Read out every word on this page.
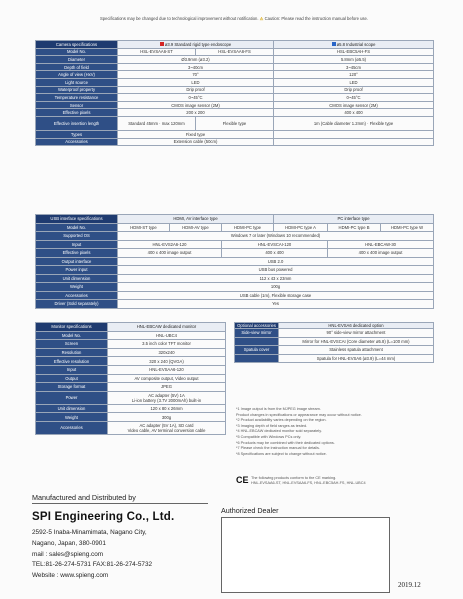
Specifications may be changed due to technological improvement without notification. ⚠ Caution: Please read the instruction manual before use.
Camera specifications	ø3.9 Standard rigid type endoscope		ø5.8 Industrial scope
Model No.	HSL-EVSAA6-ST	HSL-EVSAA6-FS	HSL-EBC5AH-FS
Diameter	Ø3.9mm (ø3.2)		5.8mm (ø5.5)
Depth of field	3~40cm		3~45cm
Angle of view (HxV)	70°		120°
Light source	LED		LED
Waterproof property	Drip proof		Drip proof
Temperature resistance	0~45°C		0~45°C
Sensor	CMOS image sensor (2M)		CMOS image sensor (2M)
Effective pixels	200 x 200		400 x 400
Effective insertion length	Standard 45mm · max 120mm	Flexible type	1m (Cable diameter 1.2mm) · Flexible type
Types	Fixed type		
Accessories	Extension cable (50cm)		
USB interface specifications	HDMI, AV interface type			PC interface type		
Model No.	HDMI-ST type	HDMI-AV type	HDMI-PC type	HDMI-PC type A	HDMI-PC type B	HDMI-PC type W
Supported OS	Windows 7 or later (Windows 10 recommended)					
Input	HNL-EVS2A6-120		HNL-EVSCAI-120		HNL-EBCAW-30	
Effective pixels	400 x 400 image output		400 x 400		400 x 400 image output	
Output interface	USB 2.0					
Power input	USB bus powered					
Unit dimension	112 x 43 x 23mm					
Weight	100g					
Accessories	USB cable (1m), Flexible storage case					
Driver (Sold separately)	Yes					
Monitor specifications	HNL-EBCAW dedicated monitor
Model No.	HNL-UBC4
Screen	3.5 inch color TFT monitor
Resolution	320x240
Effective resolution	320 x 240 (QVGA)
Input	HNL-EVSAA6-120
Output	AV composite output, Video output
Storage format	JPEG
Power	AC adapter (5V) 1A
Li-ion battery (3.7V 2000mAh) built-in

Unit dimension	120 x 80 x 26mm
Weight	300g
Accessories	AC adapter (5V 1A), SD card
Video cable, AV terminal conversion cable
Optional accessories	HNL-EVSA6 dedicated option
Side-view mirror	90° side-view mirror attachment
	Mirror for HNL-EVSCAI (Core diameter ø5.8) (L=100 mm)
Spatula cover	Stainless spatula attachment
	Spatula for HNL-EVSA6 (ø3.9) (L=44 mm)
*1 Image output is from the MJPEG image stream.
Product changes in specifications or appearance may occur without notice.
*2 Product availability varies depending on the region.
*3 Imaging depth of field ranges as tested.
*4 HNL-EBCAW dedicated monitor sold separately.
*5 Compatible with Windows PCs only.
*6 Products may be combined with their dedicated options.
*7 Please check the instruction manual for details.
*8 Specifications are subject to change without notice.
CE The following products conform to the CE marking.
HNL-EVSAA6-ST, HNL-EVSAA6-FS, HNL-EBC5AH-FS, HNL-UBC4
Manufactured and Distributed by
SPI Engineering Co., Ltd.
2592-5 Inaba-Minamimata, Nagano City,
Nagano, Japan, 380-0901
mail : sales@spieng.com
TEL:81-26-274-5731 FAX:81-26-274-5732
Website : www.spieng.com
Authorized Dealer
2019.12
